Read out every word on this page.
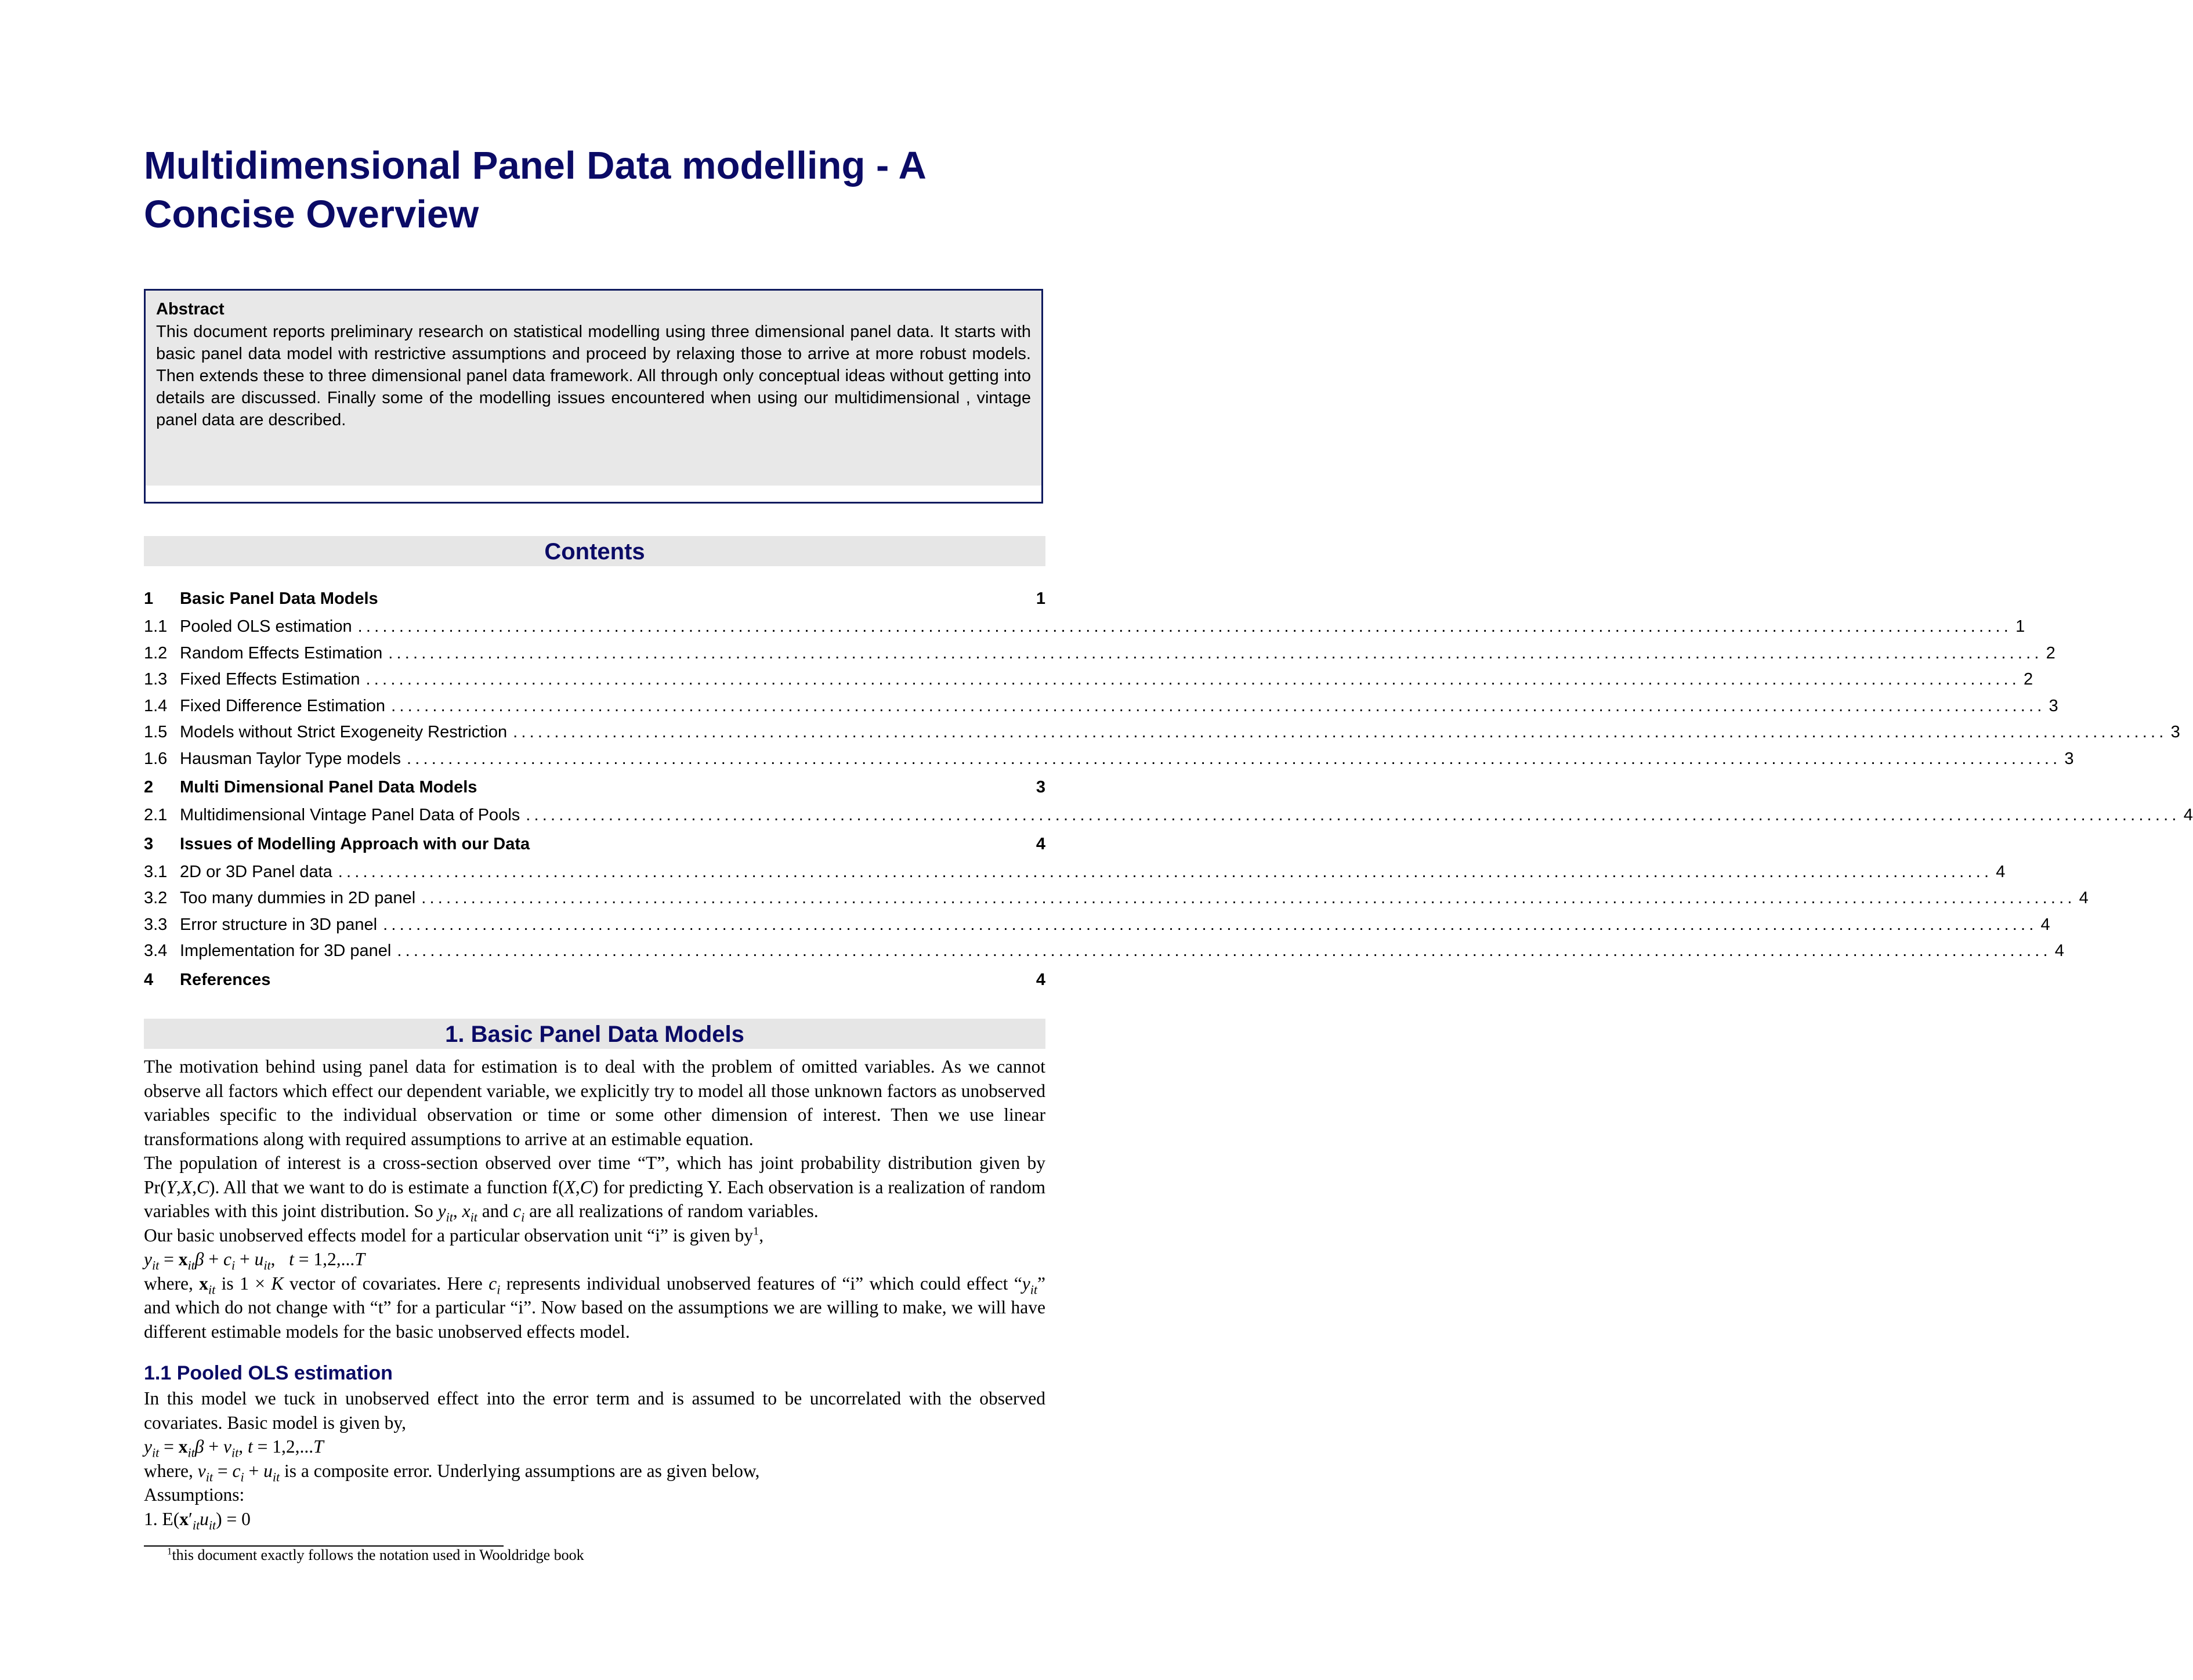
Multidimensional Panel Data modelling - A Concise Overview
Abstract
This document reports preliminary research on statistical modelling using three dimensional panel data. It starts with basic panel data model with restrictive assumptions and proceed by relaxing those to arrive at more robust models. Then extends these to three dimensional panel data framework. All through only conceptual ideas without getting into details are discussed. Finally some of the modelling issues encountered when using our multidimensional , vintage panel data are described.
Contents
1	Basic Panel Data Models	1
1.1 Pooled OLS estimation ........................................................................................................................................................................................................ 1
1.2 Random Effects Estimation ........................................................................................................................................................................................................ 2
1.3 Fixed Effects Estimation ........................................................................................................................................................................................................ 2
1.4 Fixed Difference Estimation ........................................................................................................................................................................................................ 3
1.5 Models without Strict Exogeneity Restriction ........................................................................................................................................................................................................ 3
1.6 Hausman Taylor Type models ........................................................................................................................................................................................................ 3
2	Multi Dimensional Panel Data Models	3
2.1 Multidimensional Vintage Panel Data of Pools ........................................................................................................................................................................................................ 4
3	Issues of Modelling Approach with our Data	4
3.1 2D or 3D Panel data ........................................................................................................................................................................................................ 4
3.2 Too many dummies in 2D panel ........................................................................................................................................................................................................ 4
3.3 Error structure in 3D panel ........................................................................................................................................................................................................ 4
3.4 Implementation for 3D panel ........................................................................................................................................................................................................ 4
4	References	4
1. Basic Panel Data Models
The motivation behind using panel data for estimation is to deal with the problem of omitted variables. As we cannot observe all factors which effect our dependent variable, we explicitly try to model all those unknown factors as unobserved variables specific to the individual observation or time or some other dimension of interest. Then we use linear transformations along with required assumptions to arrive at an estimable equation.
The population of interest is a cross-section observed over time “T”, which has joint probability distribution given by Pr(Y,X,C). All that we want to do is estimate a function f(X,C) for predicting Y. Each observation is a realization of random variables with this joint distribution. So $y_{it}$, $x_{it}$ and $c_i$ are all realizations of random variables.
Our basic unobserved effects model for a particular observation unit “i” is given $by^1$,
$y_{it} = x_{it}\beta + c_i + u_{it}$,   t = 1,2,...T
where, $x_{it}$ is 1 × K vector of covariates. Here $c_i$ represents individual unobserved features of “i” which could effect “$y_{it}$” and which do not change with “t” for a particular “i”. Now based on the assumptions we are willing to make, we will have different estimable models for the basic unobserved effects model.
1.1 Pooled OLS estimation
In this model we tuck in unobserved effect into the error term and is assumed to be uncorrelated with the observed covariates. Basic model is given by,
$y_{it} = x_{it}\beta + v_{it}$, t = 1,2,...T
where, $v_{it} = c_i + u_{it}$ is a composite error. Underlying assumptions are as given below,
Assumptions:
1. $E(x'_{it}u_{it}) = 0$
$^1$this document exactly follows the notation used in Wooldridge book
